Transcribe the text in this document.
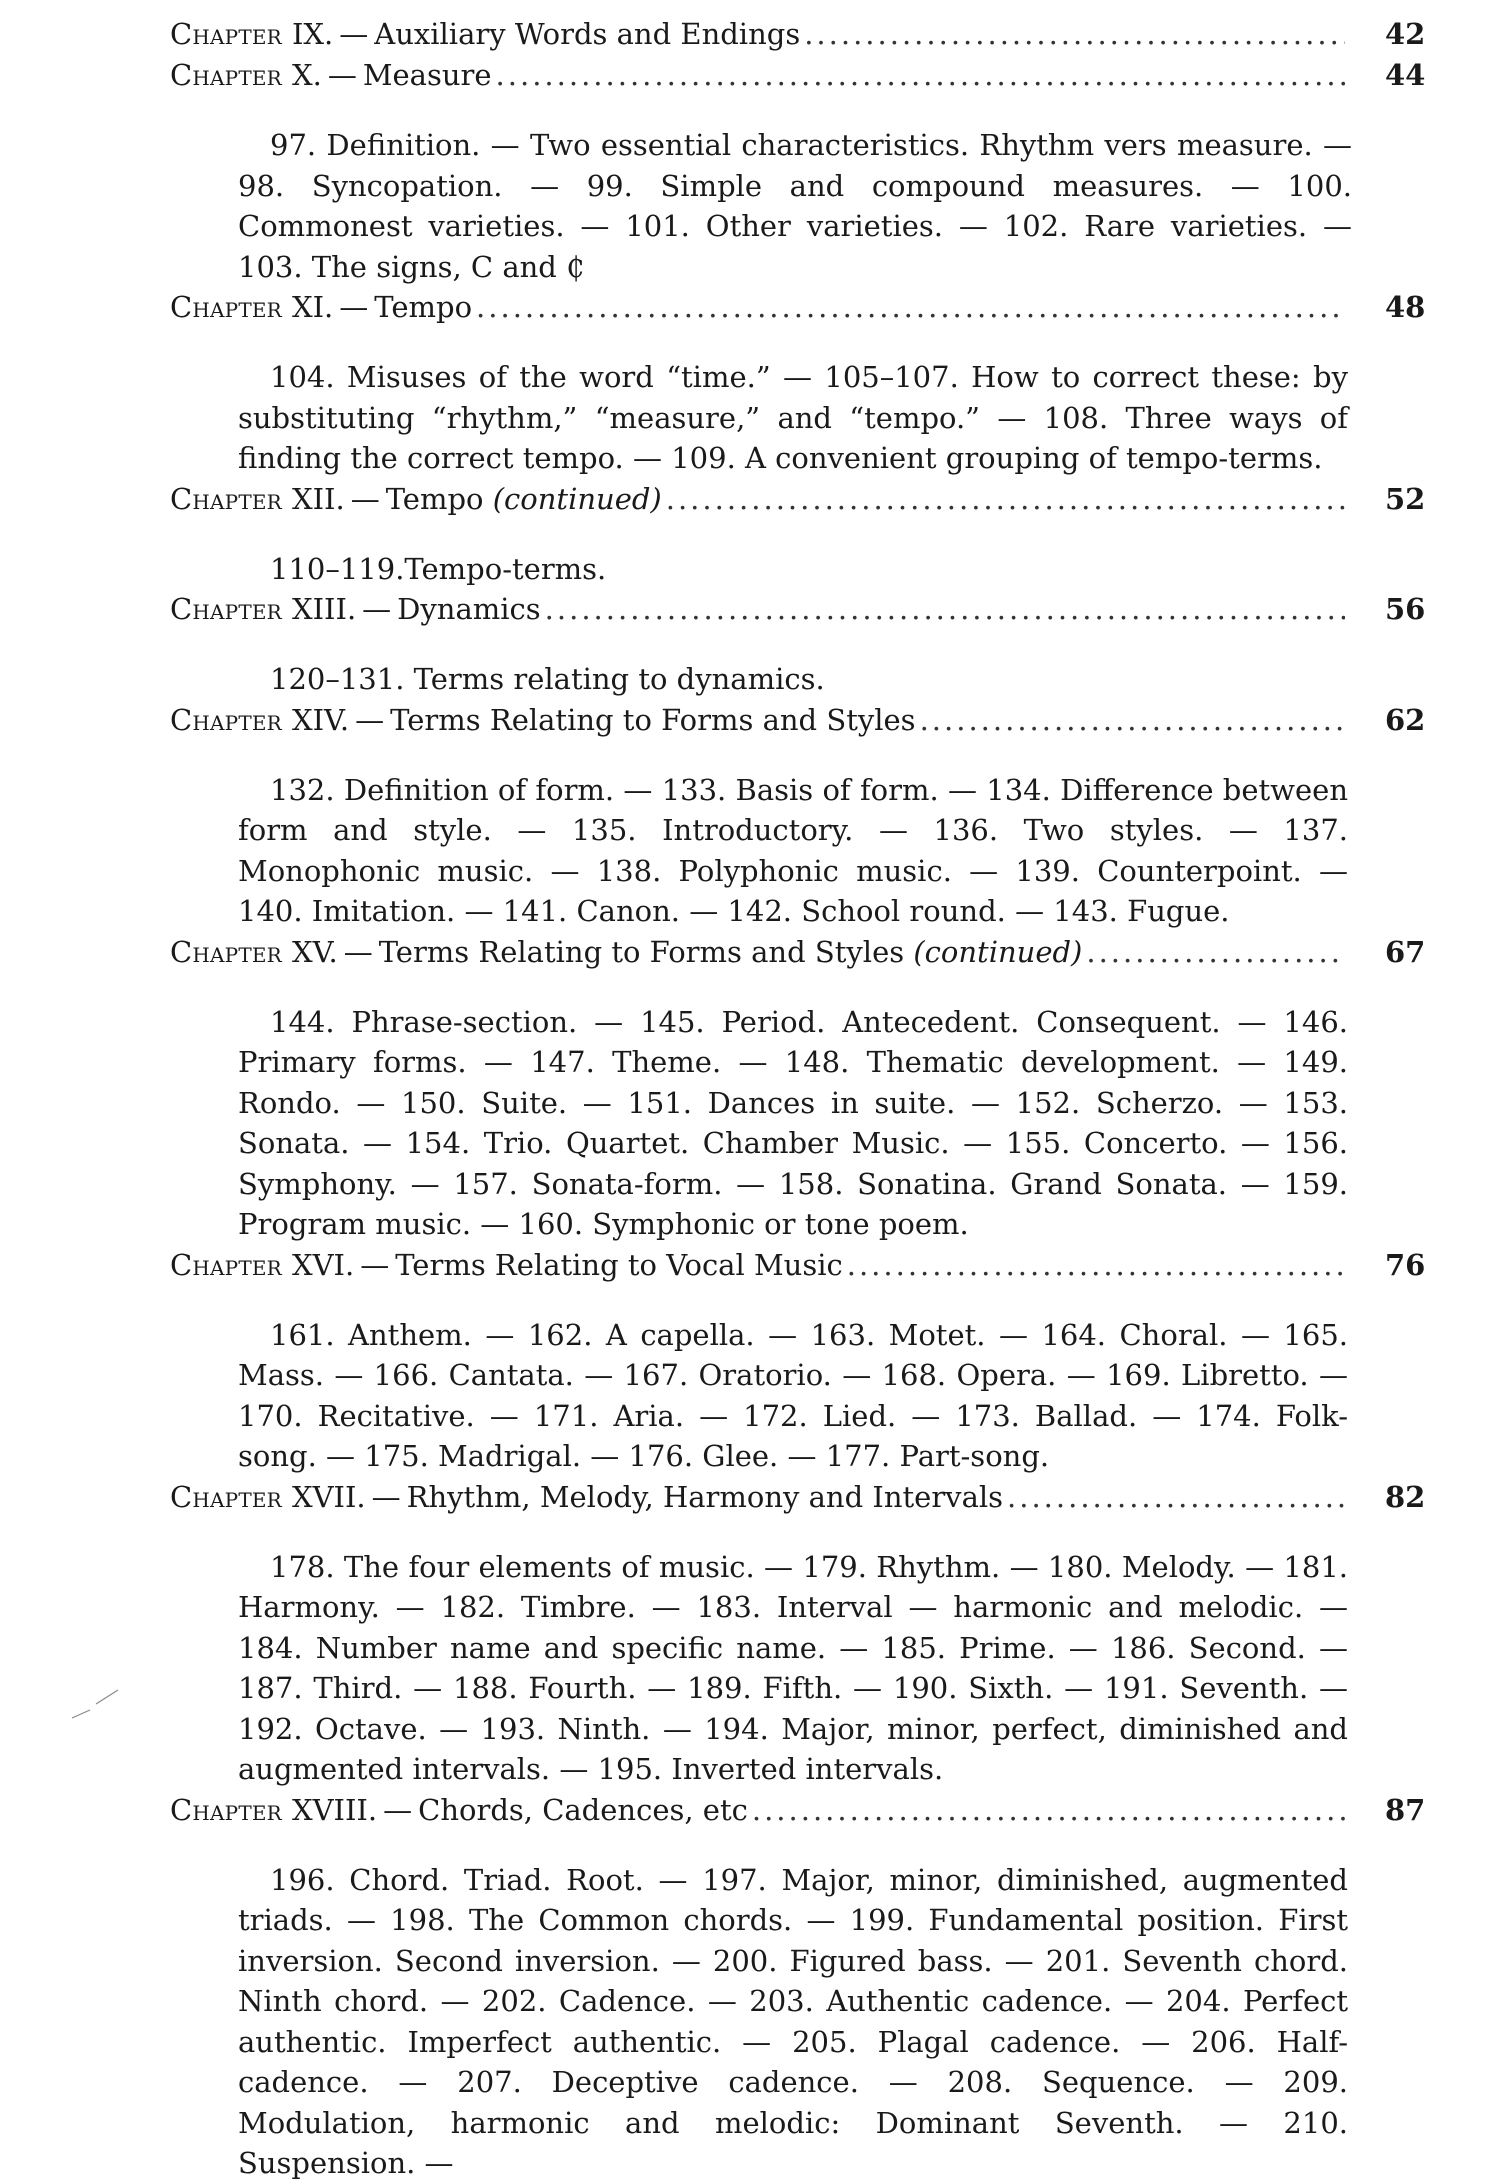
Chapter IX. — Auxiliary Words and Endings .....	42
Chapter X. — Measure .....	44

97. Definition. — Two essential characteristics. Rhythm vers measure. — 98. Syncopation. — 99. Simple and compound measures. — 100. Commonest varieties. — 101. Other varieties. — 102. Rare varieties. — 103. The signs, C and ₵

Chapter XI. — Tempo .....	48

104. Misuses of the word “time.” — 105–107. How to correct these: by substituting “rhythm,” “measure,” and “tempo.” — 108. Three ways of finding the correct tempo. — 109. A convenient grouping of tempo-terms.

Chapter XII. — Tempo (continued) .....	52

110–119.Tempo-terms.

Chapter XIII. — Dynamics .....	56

120–131. Terms relating to dynamics.

Chapter XIV. — Terms Relating to Forms and Styles .....	62

132. Definition of form. — 133. Basis of form. — 134. Difference between form and style. — 135. Introductory. — 136. Two styles. — 137. Monophonic music. — 138. Polyphonic music. — 139. Counterpoint. — 140. Imitation. — 141. Canon. — 142. School round. — 143. Fugue.

Chapter XV. — Terms Relating to Forms and Styles (continued) .....	67

144. Phrase-section. — 145. Period. Antecedent. Consequent. — 146. Primary forms. — 147. Theme. — 148. Thematic development. — 149. Rondo. — 150. Suite. — 151. Dances in suite. — 152. Scherzo. — 153. Sonata. — 154. Trio. Quartet. Chamber Music. — 155. Concerto. — 156. Symphony. — 157. Sonata-form. — 158. Sonatina. Grand Sonata. — 159. Program music. — 160. Symphonic or tone poem.

Chapter XVI. — Terms Relating to Vocal Music .....	76

161. Anthem. — 162. A capella. — 163. Motet. — 164. Choral. — 165. Mass. — 166. Cantata. — 167. Oratorio. — 168. Opera. — 169. Libretto. — 170. Recitative. — 171. Aria. — 172. Lied. — 173. Ballad. — 174. Folk-song. — 175. Madrigal. — 176. Glee. — 177. Part-song.

Chapter XVII. — Rhythm, Melody, Harmony and Intervals .....	82

178. The four elements of music. — 179. Rhythm. — 180. Melody. — 181. Harmony. — 182. Timbre. — 183. Interval — harmonic and melodic. — 184. Number name and specific name. — 185. Prime. — 186. Second. — 187. Third. — 188. Fourth. — 189. Fifth. — 190. Sixth. — 191. Seventh. — 192. Octave. — 193. Ninth. — 194. Major, minor, perfect, diminished and augmented intervals. — 195. Inverted intervals.

Chapter XVIII. — Chords, Cadences, etc .....	87

196. Chord. Triad. Root. — 197. Major, minor, diminished, augmented triads. — 198. The Common chords. — 199. Fundamental position. First inversion. Second inversion. — 200. Figured bass. — 201. Seventh chord. Ninth chord. — 202. Cadence. — 203. Authentic cadence. — 204. Perfect authentic. Imperfect authentic. — 205. Plagal cadence. — 206. Half-cadence. — 207. Deceptive cadence. — 208. Sequence. — 209. Modulation, harmonic and melodic: Dominant Seventh. — 210. Suspension. —
